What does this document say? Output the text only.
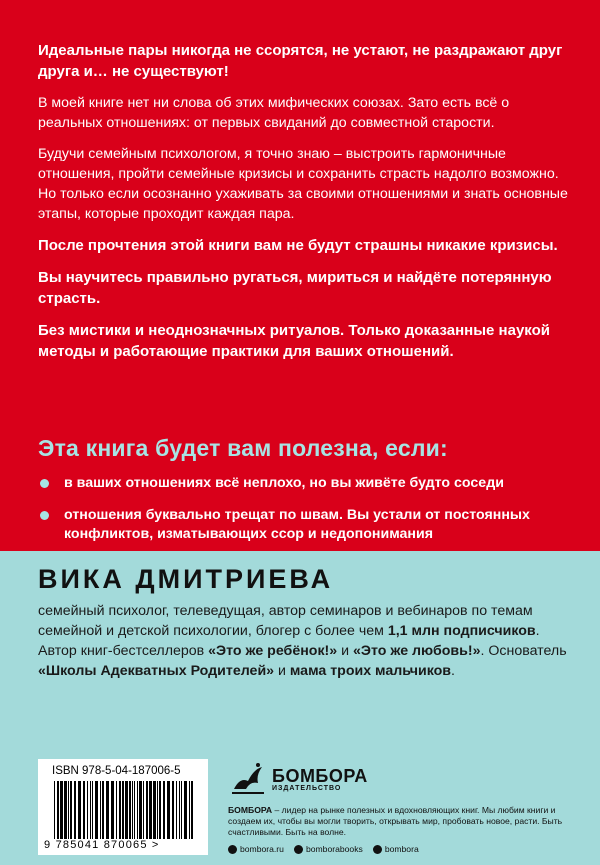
Идеальные пары никогда не ссорятся, не устают, не раздражают друг друга и… не существуют!

В моей книге нет ни слова об этих мифических союзах. Зато есть всё о реальных отношениях: от первых свиданий до совместной старости.

Будучи семейным психологом, я точно знаю – выстроить гармоничные отношения, пройти семейные кризисы и сохранить страсть надолго возможно. Но только если осознанно ухаживать за своими отношениями и знать основные этапы, которые проходит каждая пара.

После прочтения этой книги вам не будут страшны никакие кризисы.

Вы научитесь правильно ругаться, мириться и найдёте потерянную страсть.

Без мистики и неоднозначных ритуалов. Только доказанные наукой методы и работающие практики для ваших отношений.

Эта книга будет вам полезна, если:
в ваших отношениях всё неплохо, но вы живёте будто соседи
отношения буквально трещат по швам. Вы устали от постоянных конфликтов, изматывающих ссор и недопонимания
ВИКА ДМИТРИЕВА
семейный психолог, телеведущая, автор семинаров и вебинаров по темам семейной и детской психологии, блогер с более чем 1,1 млн подписчиков. Автор книг-бестселлеров «Это же ребёнок!» и «Это же любовь!». Основатель «Школы Адекватных Родителей» и мама троих мальчиков.
ISBN 978-5-04-187006-5
9 785041 870065 >
БОМБОРА
ИЗДАТЕЛЬСТВО
БОМБОРА – лидер на рынке полезных и вдохновляющих книг. Мы любим книги и создаем их, чтобы вы могли творить, открывать мир, пробовать новое, расти. Быть счастливыми. Быть на волне.
bombora.ru	bomborabooks	bombora
